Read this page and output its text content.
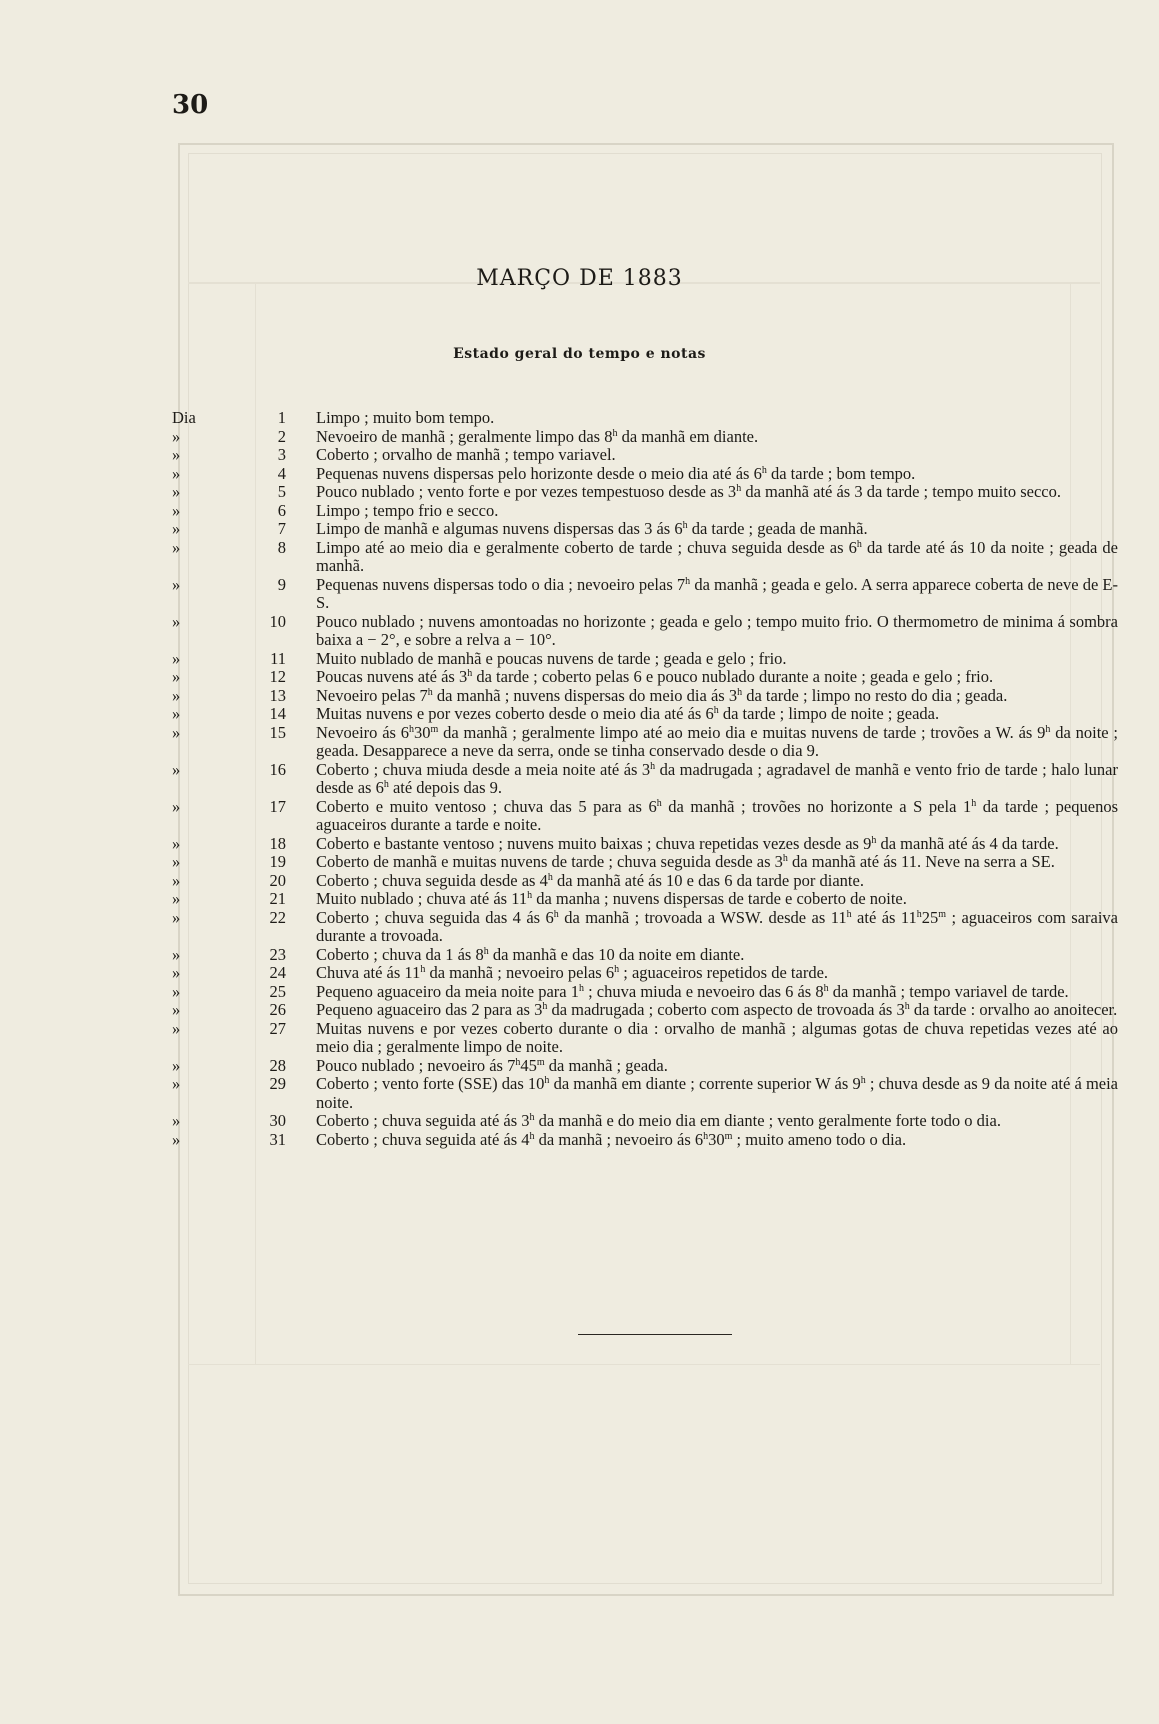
30
MARÇO DE 1883
Estado geral do tempo e notas
Dia	1 Limpo ; muito bom tempo.
»	2 Nevoeiro de manhã ; geralmente limpo das 8$^h$ da manhã em diante.
»	3 Coberto ; orvalho de manhã ; tempo variavel.
»	4 Pequenas nuvens dispersas pelo horizonte desde o meio dia até ás 6$^h$ da tarde ; bom tempo.
»	5 Pouco nublado ; vento forte e por vezes tempestuoso desde as 3$^h$ da manhã até ás 3 da tarde ; tempo muito secco.
»	6 Limpo ; tempo frio e secco.
»	7 Limpo de manhã e algumas nuvens dispersas das 3 ás 6$^h$ da tarde ; geada de manhã.
»	8 Limpo até ao meio dia e geralmente coberto de tarde ; chuva seguida desde as 6$^h$ da tarde até ás 10 da noite ; geada de manhã.
»	9 Pequenas nuvens dispersas todo o dia ; nevoeiro pelas 7$^h$ da manhã ; geada e gelo. A serra apparece coberta de neve de E-S.
»	10 Pouco nublado ; nuvens amontoadas no horizonte ; geada e gelo ; tempo muito frio. O thermometro de minima á sombra baixa a − 2°, e sobre a relva a − 10°.
»	11 Muito nublado de manhã e poucas nuvens de tarde ; geada e gelo ; frio.
»	12 Poucas nuvens até ás 3$^h$ da tarde ; coberto pelas 6 e pouco nublado durante a noite ; geada e gelo ; frio.
»	13 Nevoeiro pelas 7$^h$ da manhã ; nuvens dispersas do meio dia ás 3$^h$ da tarde ; limpo no resto do dia ; geada.
»	14 Muitas nuvens e por vezes coberto desde o meio dia até ás 6$^h$ da tarde ; limpo de noite ; geada.
»	15 Nevoeiro ás 6$^h$30$^m$ da manhã ; geralmente limpo até ao meio dia e muitas nuvens de tarde ; trovões a W. ás 9$^h$ da noite ; geada. Desapparece a neve da serra, onde se tinha conservado desde o dia 9.
»	16 Coberto ; chuva miuda desde a meia noite até ás 3$^h$ da madrugada ; agradavel de manhã e vento frio de tarde ; halo lunar desde as 6$^h$ até depois das 9.
»	17 Coberto e muito ventoso ; chuva das 5 para as 6$^h$ da manhã ; trovões no horizonte a S pela 1$^h$ da tarde ; pequenos aguaceiros durante a tarde e noite.
»	18 Coberto e bastante ventoso ; nuvens muito baixas ; chuva repetidas vezes desde as 9$^h$ da manhã até ás 4 da tarde.
»	19 Coberto de manhã e muitas nuvens de tarde ; chuva seguida desde as 3$^h$ da manhã até ás 11. Neve na serra a SE.
»	20 Coberto ; chuva seguida desde as 4$^h$ da manhã até ás 10 e das 6 da tarde por diante.
»	21 Muito nublado ; chuva até ás 11$^h$ da manha ; nuvens dispersas de tarde e coberto de noite.
»	22 Coberto ; chuva seguida das 4 ás 6$^h$ da manhã ; trovoada a WSW. desde as 11$^h$ até ás 11$^h$25$^m$ ; aguaceiros com saraiva durante a trovoada.
»	23 Coberto ; chuva da 1 ás 8$^h$ da manhã e das 10 da noite em diante.
»	24 Chuva até ás 11$^h$ da manhã ; nevoeiro pelas 6$^h$ ; aguaceiros repetidos de tarde.
»	25 Pequeno aguaceiro da meia noite para 1$^h$ ; chuva miuda e nevoeiro das 6 ás 8$^h$ da manhã ; tempo variavel de tarde.
»	26 Pequeno aguaceiro das 2 para as 3$^h$ da madrugada ; coberto com aspecto de trovoada ás 3$^h$ da tarde : orvalho ao anoitecer.
»	27 Muitas nuvens e por vezes coberto durante o dia : orvalho de manhã ; algumas gotas de chuva repetidas vezes até ao meio dia ; geralmente limpo de noite.
»	28 Pouco nublado ; nevoeiro ás 7$^h$45$^m$ da manhã ; geada.
»	29 Coberto ; vento forte (SSE) das 10$^h$ da manhã em diante ; corrente superior W ás 9$^h$ ; chuva desde as 9 da noite até á meia noite.
»	30 Coberto ; chuva seguida até ás 3$^h$ da manhã e do meio dia em diante ; vento geralmente forte todo o dia.
»	31 Coberto ; chuva seguida até ás 4$^h$ da manhã ; nevoeiro ás 6$^h$30$^m$ ; muito ameno todo o dia.
